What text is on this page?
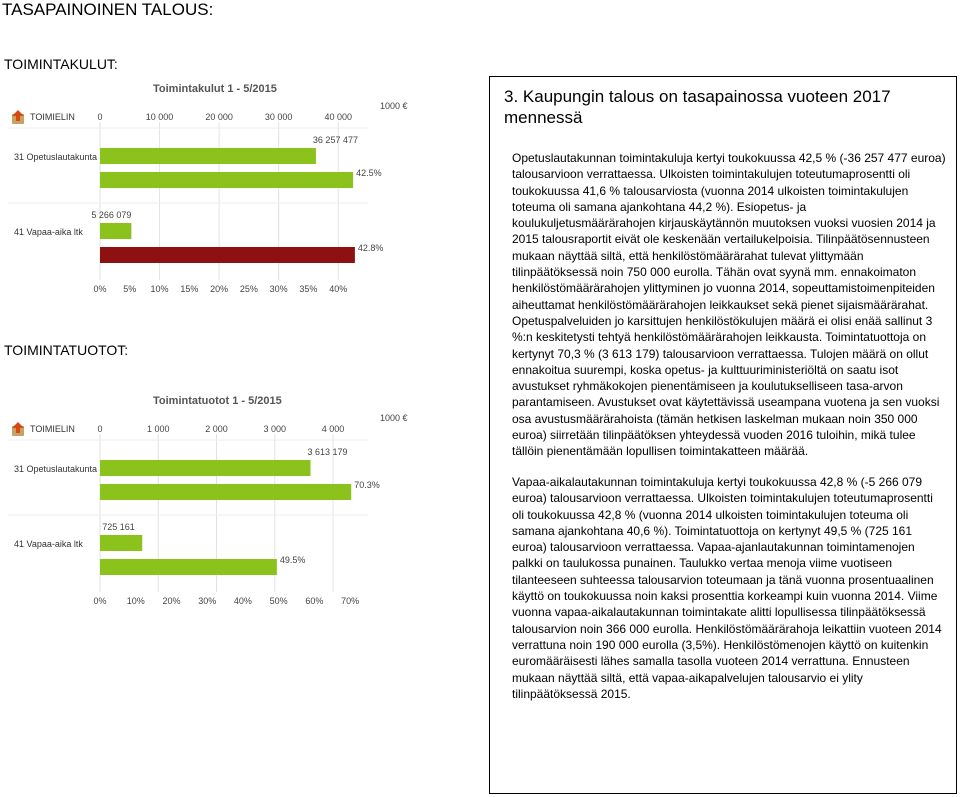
TASAPAINOINEN TALOUS:
TOIMINTAKULUT:
TOIMINTATUOTOT:
Toimintakulut 1 - 5/2015
1000 €
0	10 000	20 000	30 000	40 000
TOIMIELIN
31 Opetuslautakunta
36 257 477
42.5%
41 Vapaa-aika ltk
5 266 079
42.8%
0% 5% 10% 15% 20% 25% 30% 35% 40%
Toimintatuotot 1 - 5/2015
1000 €
0	1 000	2 000	3 000	4 000
TOIMIELIN
31 Opetuslautakunta
3 613 179
70.3%
41 Vapaa-aika ltk
725 161
49.5%
0% 10% 20% 30% 40% 50% 60% 70%
3. Kaupungin talous on tasapainossa vuoteen 2017 mennessä
Opetuslautakunnan toimintakuluja kertyi toukokuussa 42,5 % (-36 257 477 euroa) talousarvioon verrattaessa. Ulkoisten toimintakulujen toteutumaprosentti oli toukokuussa 41,6 % talousarviosta (vuonna 2014 ulkoisten toimintakulujen toteuma oli samana ajankohtana 44,2 %). Esiopetus- ja koulukuljetusmäärärahojen kirjauskäytännön muutoksen vuoksi vuosien 2014 ja 2015 talousraportit eivät ole keskenään vertailukelpoisia. Tilinpäätösennusteen mukaan näyttää siltä, että henkilöstömäärärahat tulevat ylittymään tilinpäätöksessä noin 750 000 eurolla. Tähän ovat syynä mm. ennakoimaton henkilöstömäärärahojen ylittyminen jo vuonna 2014, sopeuttamistoimenpiteiden aiheuttamat henkilöstömäärärahojen leikkaukset sekä pienet sijaismäärärahat. Opetuspalveluiden jo karsittujen henkilöstökulujen määrä ei olisi enää sallinut 3 %:n keskitetysti tehtyä henkilöstömäärärahojen leikkausta. Toimintatuottoja on kertynyt 70,3 % (3 613 179) talousarvioon verrattaessa. Tulojen määrä on ollut ennakoitua suurempi, koska opetus- ja kulttuuriministeriöltä on saatu isot avustukset ryhmäkokojen pienentämiseen ja koulutukselliseen tasa-arvon parantamiseen. Avustukset ovat käytettävissä useampana vuotena ja sen vuoksi osa avustusmäärärahoista (tämän hetkisen laskelman mukaan noin 350 000 euroa) siirretään tilinpäätöksen yhteydessä vuoden 2016 tuloihin, mikä tulee tällöin pienentämään lopullisen toimintakatteen määrää.
Vapaa-aikalautakunnan toimintakuluja kertyi toukokuussa 42,8 % (-5 266 079 euroa) talousarvioon verrattaessa. Ulkoisten toimintakulujen toteutumaprosentti oli toukokuussa 42,8 % (vuonna 2014 ulkoisten toimintakulujen toteuma oli samana ajankohtana 40,6 %). Toimintatuottoja on kertynyt 49,5 % (725 161 euroa) talousarvioon verrattaessa. Vapaa-ajanlautakunnan toimintamenojen palkki on taulukossa punainen. Taulukko vertaa menoja viime vuotiseen tilanteeseen suhteessa talousarvion toteumaan ja tänä vuonna prosentuaalinen käyttö on toukokuussa noin kaksi prosenttia korkeampi kuin vuonna 2014. Viime vuonna vapaa-aikalautakunnan toimintakate alitti lopullisessa tilinpäätöksessä talousarvion noin 366 000 eurolla. Henkilöstömäärärahoja leikattiin vuoteen 2014 verrattuna noin 190 000 eurolla (3,5%). Henkilöstömenojen käyttö on kuitenkin euromääräisesti lähes samalla tasolla vuoteen 2014 verrattuna. Ennusteen mukaan näyttää siltä, että vapaa-aikapalvelujen talousarvio ei ylity tilinpäätöksessä 2015.
